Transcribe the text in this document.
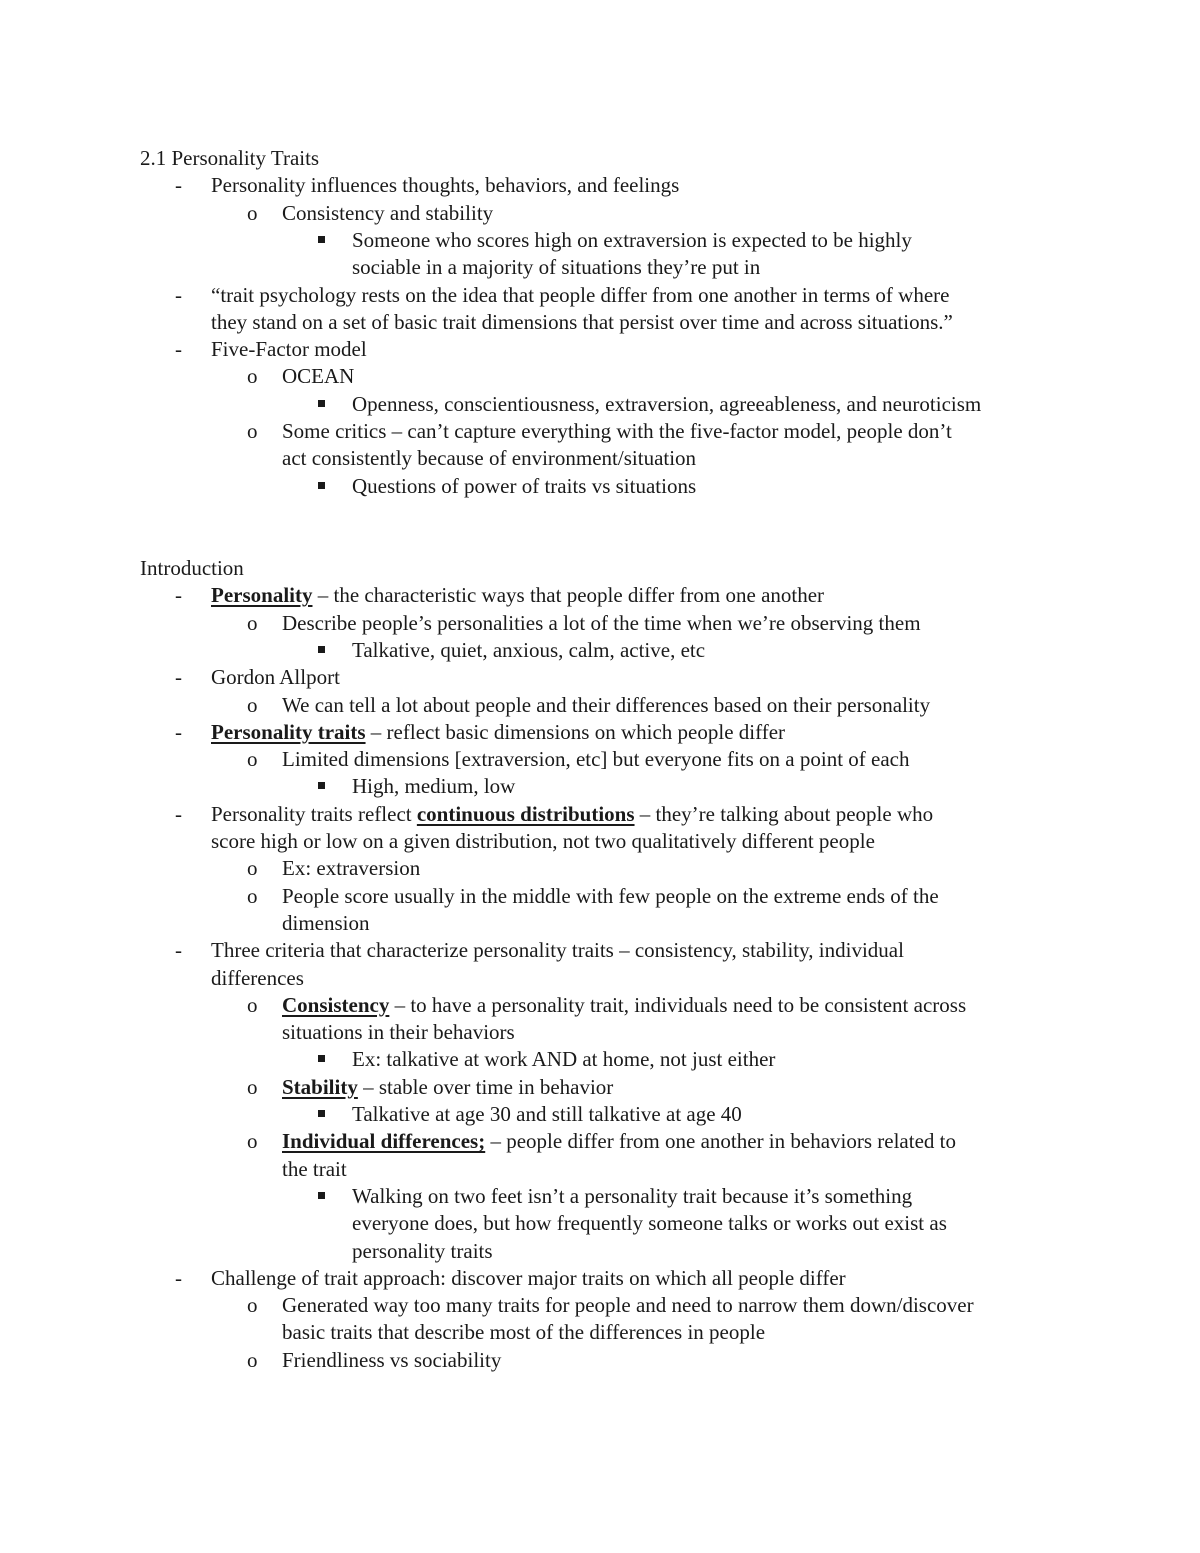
2.1 Personality Traits
- Personality influences thoughts, behaviors, and feelings
o Consistency and stability
Someone who scores high on extraversion is expected to be highly
sociable in a majority of situations they’re put in
- “trait psychology rests on the idea that people differ from one another in terms of where
they stand on a set of basic trait dimensions that persist over time and across situations.”
- Five-Factor model
o OCEAN
Openness, conscientiousness, extraversion, agreeableness, and neuroticism
o Some critics – can’t capture everything with the five-factor model, people don’t
act consistently because of environment/situation
Questions of power of traits vs situations
Introduction
- Personality – the characteristic ways that people differ from one another
o Describe people’s personalities a lot of the time when we’re observing them
Talkative, quiet, anxious, calm, active, etc
- Gordon Allport
o We can tell a lot about people and their differences based on their personality
- Personality traits – reflect basic dimensions on which people differ
o Limited dimensions [extraversion, etc] but everyone fits on a point of each
High, medium, low
- Personality traits reflect continuous distributions – they’re talking about people who
score high or low on a given distribution, not two qualitatively different people
o Ex: extraversion
o People score usually in the middle with few people on the extreme ends of the
dimension
- Three criteria that characterize personality traits – consistency, stability, individual
differences
o Consistency – to have a personality trait, individuals need to be consistent across
situations in their behaviors
Ex: talkative at work AND at home, not just either
o Stability – stable over time in behavior
Talkative at age 30 and still talkative at age 40
o Individual differences; – people differ from one another in behaviors related to
the trait
Walking on two feet isn’t a personality trait because it’s something
everyone does, but how frequently someone talks or works out exist as
personality traits
- Challenge of trait approach: discover major traits on which all people differ
o Generated way too many traits for people and need to narrow them down/discover
basic traits that describe most of the differences in people
o Friendliness vs sociability
